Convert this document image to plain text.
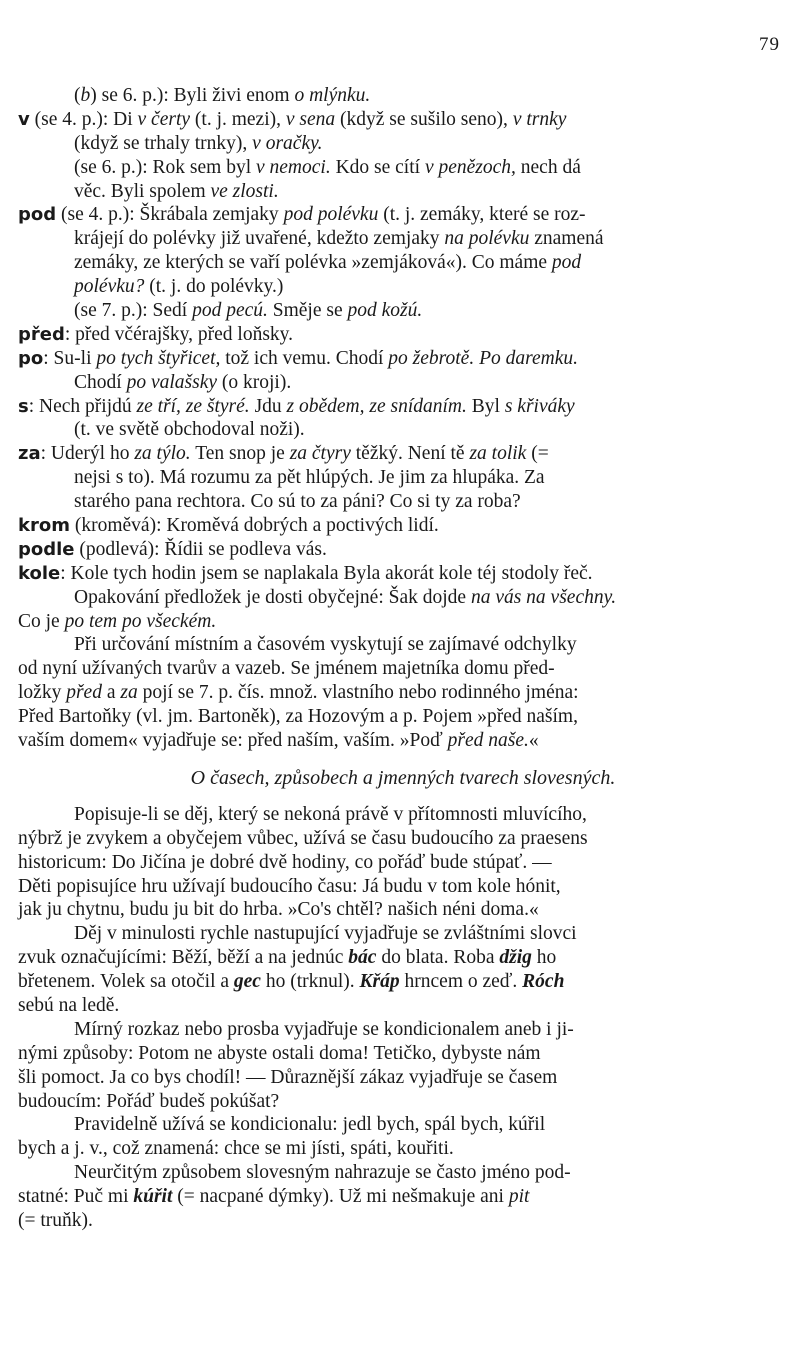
79
(b) se 6. p.): Byli živi enom o mlýnku.
v (se 4. p.): Di v čerty (t. j. mezi), v sena (když se sušilo seno), v trnky
(když se trhaly trnky), v oračky.
(se 6. p.): Rok sem byl v nemoci. Kdo se cítí v penězoch, nech dá
věc. Byli spolem ve zlosti.
pod (se 4. p.): Škrábala zemjaky pod polévku (t. j. zemáky, které se roz-
krájejí do polévky již uvařené, kdežto zemjaky na polévku znamená
zemáky, ze kterých se vaří polévka »zemjáková«). Co máme pod
polévku? (t. j. do polévky.)
(se 7. p.): Sedí pod pecú. Směje se pod kožú.
před: před včérajšky, před loňsky.
po: Su-li po tych štyřicet, tož ich vemu. Chodí po žebrotě. Po daremku.
Chodí po valašsky (o kroji).
s: Nech přijdú ze tří, ze štyré. Jdu z obědem, ze snídaním. Byl s křiváky
(t. ve světě obchodoval noži).
za: Uderýl ho za týlo. Ten snop je za čtyry těžký. Není tě za tolik (=
nejsi s to). Má rozumu za pět hlúpých. Je jim za hlupáka. Za
starého pana rechtora. Co sú to za páni? Co si ty za roba?
krom (kroměvá): Kroměvá dobrých a poctivých lidí.
podle (podlevá): Řídii se podleva vás.
kole: Kole tych hodin jsem se naplakala Byla akorát kole téj stodoly řeč.
Opakování předložek je dosti obyčejné: Šak dojde na vás na všechny.
Co je po tem po všeckém.
Při určování místním a časovém vyskytují se zajímavé odchylky
od nyní užívaných tvarův a vazeb. Se jménem majetníka domu před-
ložky před a za pojí se 7. p. čís. množ. vlastního nebo rodinného jména:
Před Bartoňky (vl. jm. Bartoněk), za Hozovým a p. Pojem »před naším,
vaším domem« vyjadřuje se: před naším, vaším. »Poď před naše.«
O časech, způsobech a jmenných tvarech slovesných.
Popisuje-li se děj, který se nekoná právě v přítomnosti mluvícího,
nýbrž je zvykem a obyčejem vůbec, užívá se času budoucího za praesens
historicum: Do Jičína je dobré dvě hodiny, co pořáď bude stúpať. —
Děti popisujíce hru užívají budoucího času: Já budu v tom kole hónit,
jak ju chytnu, budu ju bit do hrba. »Co's chtěl? našich néni doma.«
Děj v minulosti rychle nastupující vyjadřuje se zvláštními slovci
zvuk označujícími: Běží, běží a na jednúc bác do blata. Roba džig ho
břetenem. Volek sa otočil a gec ho (trknul). Křáp hrncem o zeď. Róch
sebú na ledě.
Mírný rozkaz nebo prosba vyjadřuje se kondicionalem aneb i ji-
nými způsoby: Potom ne abyste ostali doma! Tetičko, dybyste nám
šli pomoct. Ja co bys chodíl! — Důraznější zákaz vyjadřuje se časem
budoucím: Pořáď budeš pokúšat?
Pravidelně užívá se kondicionalu: jedl bych, spál bych, kúřil
bych a j. v., což znamená: chce se mi jísti, spáti, kouřiti.
Neurčitým způsobem slovesným nahrazuje se často jméno pod-
statné: Puč mi kúřit (= nacpané dýmky). Už mi nešmakuje ani pit
(= truňk).
